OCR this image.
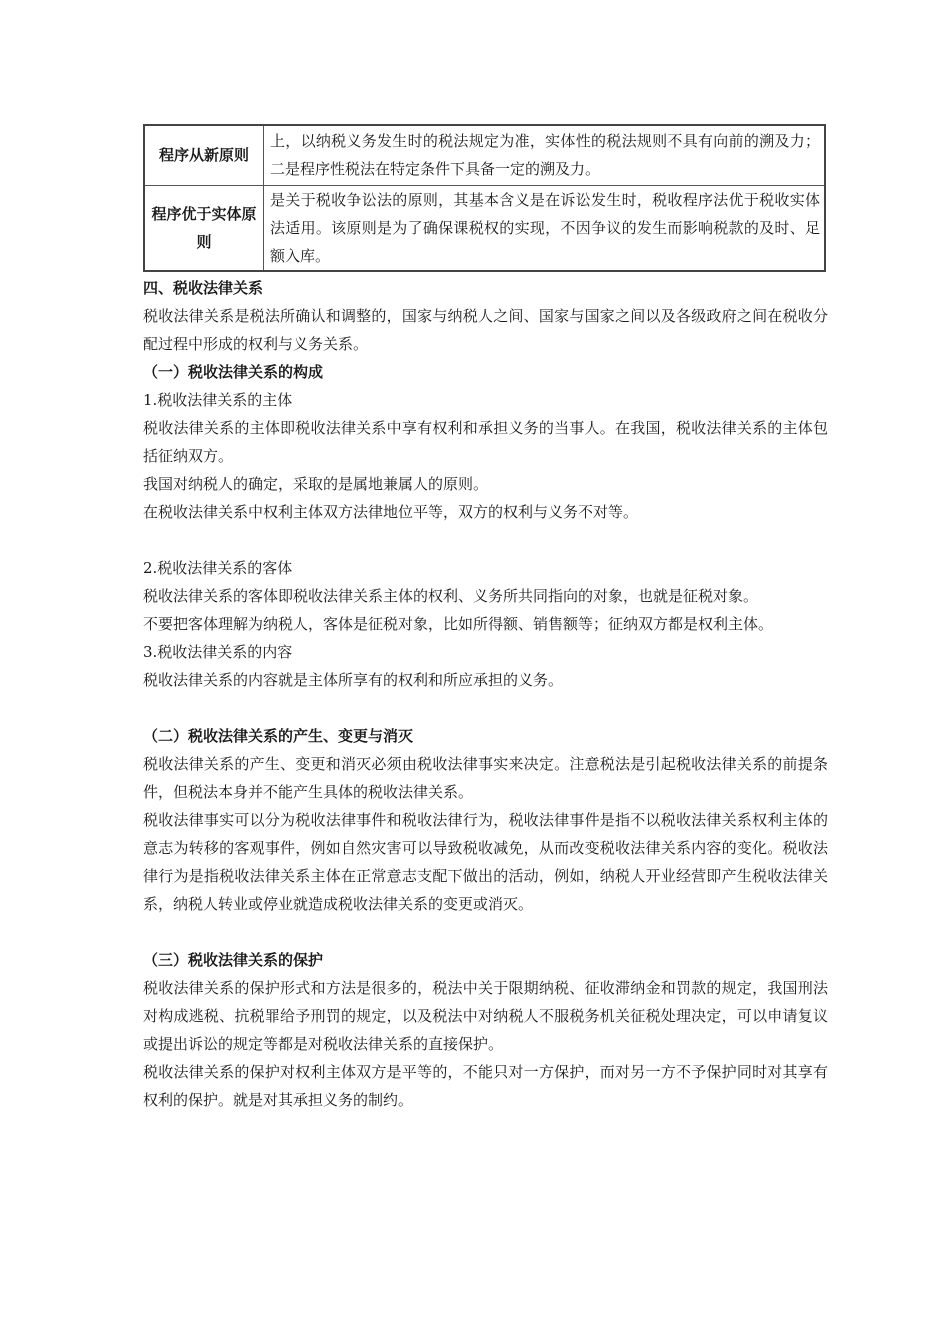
程序从新原则	上，以纳税义务发生时的税法规定为准，实体性的税法规则不具有向前的溯及力；二是程序性税法在特定条件下具备一定的溯及力。
程序优于实体原则	是关于税收争讼法的原则，其基本含义是在诉讼发生时，税收程序法优于税收实体法适用。该原则是为了确保课税权的实现，不因争议的发生而影响税款的及时、足额入库。

四、税收法律关系

税收法律关系是税法所确认和调整的，国家与纳税人之间、国家与国家之间以及各级政府之间在税收分配过程中形成的权利与义务关系。

（一）税收法律关系的构成

1.税收法律关系的主体

税收法律关系的主体即税收法律关系中享有权利和承担义务的当事人。在我国，税收法律关系的主体包括征纳双方。

我国对纳税人的确定，采取的是属地兼属人的原则。

在税收法律关系中权利主体双方法律地位平等，双方的权利与义务不对等。

2.税收法律关系的客体

税收法律关系的客体即税收法律关系主体的权利、义务所共同指向的对象，也就是征税对象。

不要把客体理解为纳税人，客体是征税对象，比如所得额、销售额等；征纳双方都是权利主体。

3.税收法律关系的内容

税收法律关系的内容就是主体所享有的权利和所应承担的义务。

（二）税收法律关系的产生、变更与消灭

税收法律关系的产生、变更和消灭必须由税收法律事实来决定。注意税法是引起税收法律关系的前提条件，但税法本身并不能产生具体的税收法律关系。

税收法律事实可以分为税收法律事件和税收法律行为，税收法律事件是指不以税收法律关系权利主体的意志为转移的客观事件，例如自然灾害可以导致税收减免，从而改变税收法律关系内容的变化。税收法律行为是指税收法律关系主体在正常意志支配下做出的活动，例如，纳税人开业经营即产生税收法律关系，纳税人转业或停业就造成税收法律关系的变更或消灭。

（三）税收法律关系的保护

税收法律关系的保护形式和方法是很多的，税法中关于限期纳税、征收滞纳金和罚款的规定，我国刑法对构成逃税、抗税罪给予刑罚的规定，以及税法中对纳税人不服税务机关征税处理决定，可以申请复议或提出诉讼的规定等都是对税收法律关系的直接保护。

税收法律关系的保护对权利主体双方是平等的，不能只对一方保护，而对另一方不予保护同时对其享有权利的保护。就是对其承担义务的制约。
